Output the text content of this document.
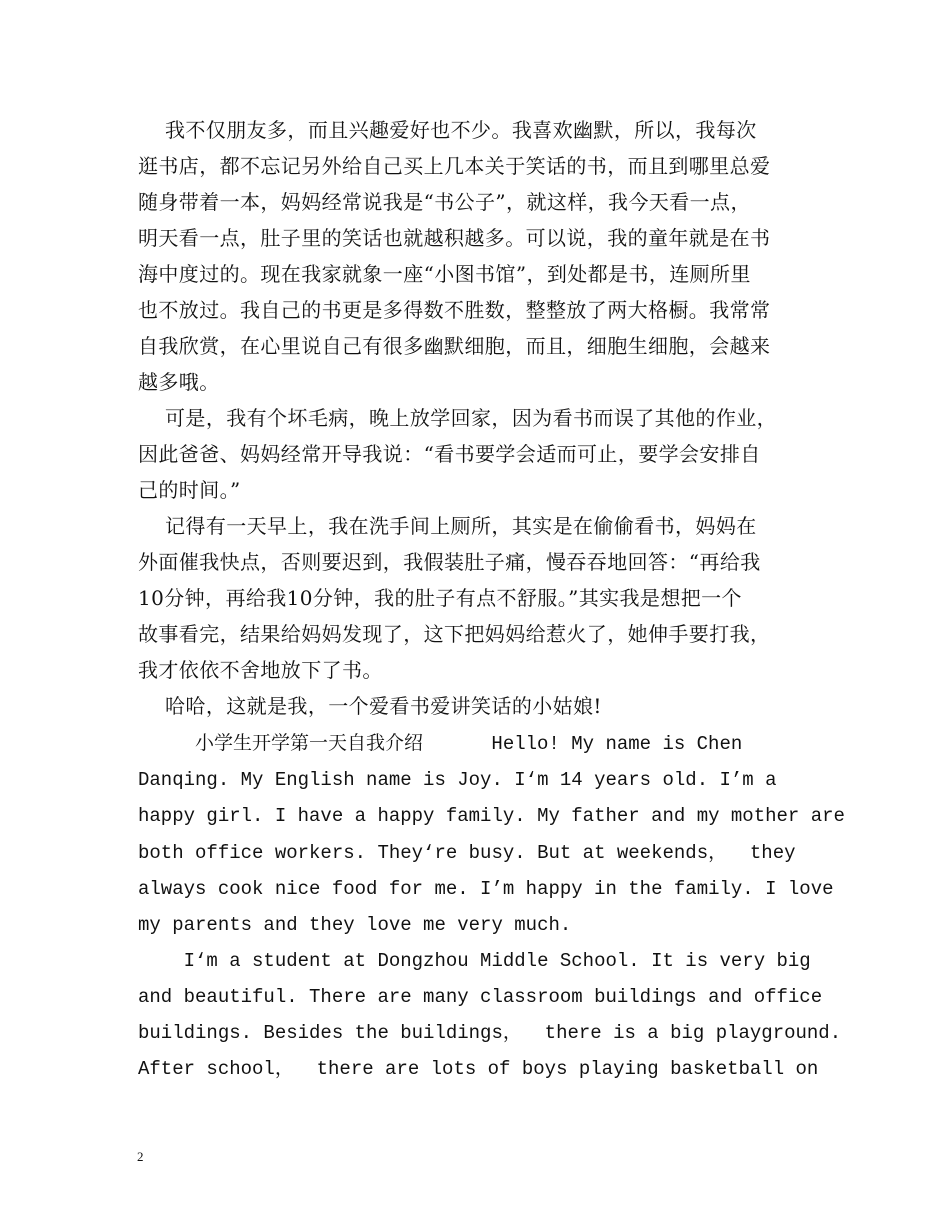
我不仅朋友多，而且兴趣爱好也不少。我喜欢幽默，所以，我每次
逛书店，都不忘记另外给自己买上几本关于笑话的书，而且到哪里总爱
随身带着一本，妈妈经常说我是“书公子”，就这样，我今天看一点，
明天看一点，肚子里的笑话也就越积越多。可以说，我的童年就是在书
海中度过的。现在我家就象一座“小图书馆”，到处都是书，连厕所里
也不放过。我自己的书更是多得数不胜数，整整放了两大格橱。我常常
自我欣赏，在心里说自己有很多幽默细胞，而且，细胞生细胞，会越来
越多哦。
可是，我有个坏毛病，晚上放学回家，因为看书而误了其他的作业，
因此爸爸、妈妈经常开导我说：“看书要学会适而可止，要学会安排自
己的时间。”
记得有一天早上，我在洗手间上厕所，其实是在偷偷看书，妈妈在
外面催我快点，否则要迟到，我假装肚子痛，慢吞吞地回答：“再给我
10分钟，再给我10分钟，我的肚子有点不舒服。”其实我是想把一个
故事看完，结果给妈妈发现了，这下把妈妈给惹火了，她伸手要打我，
我才依依不舍地放下了书。
哈哈，这就是我，一个爱看书爱讲笑话的小姑娘!
小学生开学第一天自我介绍      Hello! My name is Chen
Danqing. My English name is Joy. I‘m 14 years old. I’m a
happy girl. I have a happy family. My father and my mother are
both office workers. They‘re busy. But at weekends，  they
always cook nice food for me. I’m happy in the family. I love
my parents and they love me very much.
I‘m a student at Dongzhou Middle School. It is very big
and beautiful. There are many classroom buildings and office
buildings. Besides the buildings，  there is a big playground.
After school，  there are lots of boys playing basketball on
2
